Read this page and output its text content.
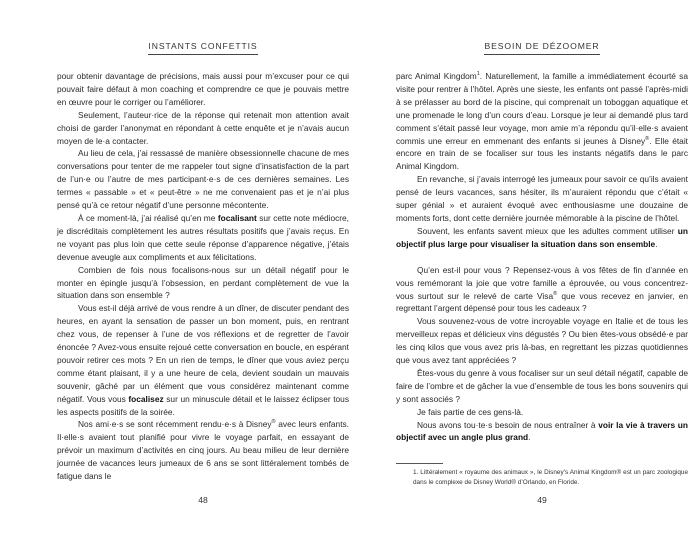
INSTANTS CONFETTIS

pour obtenir davantage de précisions, mais aussi pour m’excuser pour ce qui pouvait faire défaut à mon coaching et comprendre ce que je pouvais mettre en œuvre pour le corriger ou l’améliorer.

Seulement, l’auteur·rice de la réponse qui retenait mon attention avait choisi de garder l’anonymat en répondant à cette enquête et je n’avais aucun moyen de le·a contacter.

Au lieu de cela, j’ai ressassé de manière obsessionnelle chacune de mes conversations pour tenter de me rappeler tout signe d’insatisfaction de la part de l’un·e ou l’autre de mes participant·e·s de ces dernières semaines. Les termes « passable » et « peut-être » ne me convenaient pas et je n’ai plus pensé qu’à ce retour négatif d’une personne mécontente.

À ce moment-là, j’ai réalisé qu’en me focalisant sur cette note médiocre, je discréditais complètement les autres résultats positifs que j’avais reçus. En ne voyant pas plus loin que cette seule réponse d’apparence négative, j’étais devenue aveugle aux compliments et aux félicitations.

Combien de fois nous focalisons-nous sur un détail négatif pour le monter en épingle jusqu’à l’obsession, en perdant complètement de vue la situation dans son ensemble ?

Vous est-il déjà arrivé de vous rendre à un dîner, de discuter pendant des heures, en ayant la sensation de passer un bon moment, puis, en rentrant chez vous, de repenser à l’une de vos réflexions et de regretter de l’avoir énoncée ? Avez-vous ensuite rejoué cette conversation en boucle, en espérant pouvoir retirer ces mots ? En un rien de temps, le dîner que vous aviez perçu comme étant plaisant, il y a une heure de cela, devient soudain un mauvais souvenir, gâché par un élément que vous considérez maintenant comme négatif. Vous vous focalisez sur un minuscule détail et le laissez éclipser tous les aspects positifs de la soirée.

Nos ami·e·s se sont récemment rendu·e·s à Disney® avec leurs enfants. Il·elle·s avaient tout planifié pour vivre le voyage parfait, en essayant de prévoir un maximum d’activités en cinq jours. Au beau milieu de leur dernière journée de vacances leurs jumeaux de 6 ans se sont littéralement tombés de fatigue dans le

48
BESOIN DE DÉZOOMER

parc Animal Kingdom$^1$. Naturellement, la famille a immédiatement écourté sa visite pour rentrer à l’hôtel. Après une sieste, les enfants ont passé l’après-midi à se prélasser au bord de la piscine, qui comprenait un toboggan aquatique et une promenade le long d’un cours d’eau. Lorsque je leur ai demandé plus tard comment s’était passé leur voyage, mon amie m’a répondu qu’il·elle·s avaient commis une erreur en emmenant des enfants si jeunes à Disney®. Elle était encore en train de se focaliser sur tous les instants négatifs dans le parc Animal Kingdom.

En revanche, si j’avais interrogé les jumeaux pour savoir ce qu’ils avaient pensé de leurs vacances, sans hésiter, ils m’auraient répondu que c’était « super génial » et auraient évoqué avec enthousiasme une douzaine de moments forts, dont cette dernière journée mémorable à la piscine de l’hôtel.

Souvent, les enfants savent mieux que les adultes comment utiliser un objectif plus large pour visualiser la situation dans son ensemble.

Qu’en est-il pour vous ? Repensez-vous à vos fêtes de fin d’année en vous remémorant la joie que votre famille a éprouvée, ou vous concentrez-vous surtout sur le relevé de carte Visa® que vous recevez en janvier, en regrettant l’argent dépensé pour tous les cadeaux ?

Vous souvenez-vous de votre incroyable voyage en Italie et de tous les merveilleux repas et délicieux vins dégustés ? Ou bien êtes-vous obsédé·e par les cinq kilos que vous avez pris là-bas, en regrettant les pizzas quotidiennes que vous avez tant appréciées ?

Êtes-vous du genre à vous focaliser sur un seul détail négatif, capable de faire de l’ombre et de gâcher la vue d’ensemble de tous les bons souvenirs qui y sont associés ?

Je fais partie de ces gens-là.

Nous avons tou·te·s besoin de nous entraîner à voir la vie à travers un objectif avec un angle plus grand.

1. Littéralement « royaume des animaux », le Disney’s Animal Kingdom® est un parc zoologique dans le complexe de Disney World® d’Orlando, en Floride.
49
